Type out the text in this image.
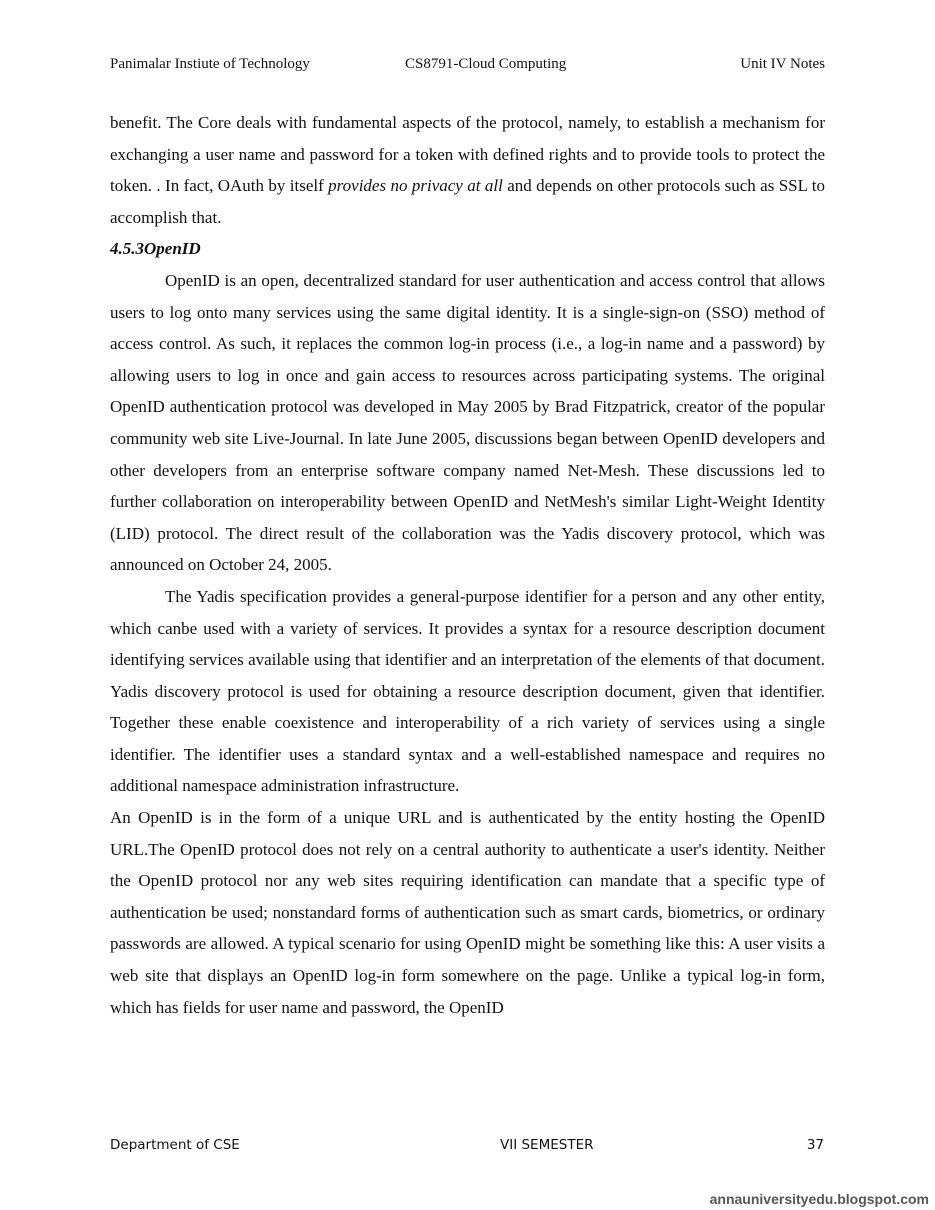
Panimalar Instiute of Technology	CS8791-Cloud Computing	Unit IV Notes

benefit. The Core deals with fundamental aspects of the protocol, namely, to establish a mechanism for exchanging a user name and password for a token with defined rights and to provide tools to protect the token. . In fact, OAuth by itself provides no privacy at all and depends on other protocols such as SSL to accomplish that.

4.5.3OpenID

OpenID is an open, decentralized standard for user authentication and access control that allows users to log onto many services using the same digital identity. It is a single-sign-on (SSO) method of access control. As such, it replaces the common log-in process (i.e., a log-in name and a password) by allowing users to log in once and gain access to resources across participating systems. The original OpenID authentication protocol was developed in May 2005 by Brad Fitzpatrick, creator of the popular community web site Live-Journal. In late June 2005, discussions began between OpenID developers and other developers from an enterprise software company named Net-Mesh. These discussions led to further collaboration on interoperability between OpenID and NetMesh's similar Light-Weight Identity (LID) protocol. The direct result of the collaboration was the Yadis discovery protocol, which was announced on October 24, 2005.

The Yadis specification provides a general-purpose identifier for a person and any other entity, which canbe used with a variety of services. It provides a syntax for a resource description document identifying services available using that identifier and an interpretation of the elements of that document. Yadis discovery protocol is used for obtaining a resource description document, given that identifier. Together these enable coexistence and interoperability of a rich variety of services using a single identifier. The identifier uses a standard syntax and a well-established namespace and requires no additional namespace administration infrastructure.

An OpenID is in the form of a unique URL and is authenticated by the entity hosting the OpenID URL.The OpenID protocol does not rely on a central authority to authenticate a user's identity. Neither the OpenID protocol nor any web sites requiring identification can mandate that a specific type of authentication be used; nonstandard forms of authentication such as smart cards, biometrics, or ordinary passwords are allowed. A typical scenario for using OpenID might be something like this: A user visits a web site that displays an OpenID log-in form somewhere on the page. Unlike a typical log-in form, which has fields for user name and password, the OpenID

Department of CSE	VII SEMESTER	37
annauniversityedu.blogspot.com
